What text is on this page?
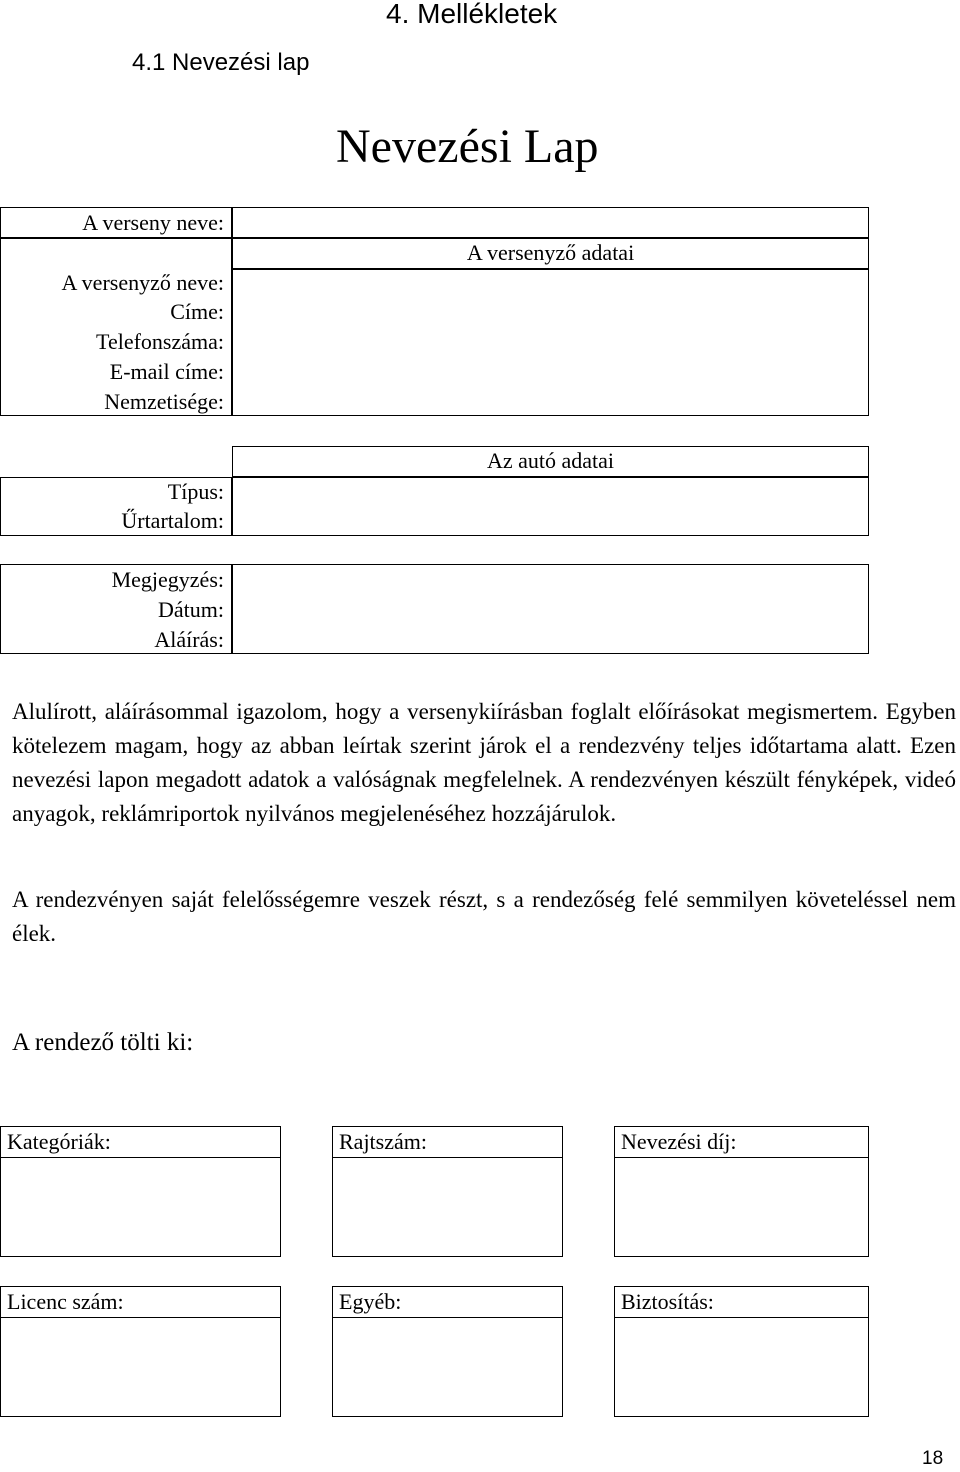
4. Mellékletek
4.1 Nevezési lap
Nevezési Lap
A verseny neve:
A versenyző adatai
A versenyző neve:
Címe:
Telefonszáma:
E-mail címe:
Nemzetisége:
Az autó adatai
Típus:
Űrtartalom:
Megjegyzés:
Dátum:
Aláírás:

Alulírott, aláírásommal igazolom, hogy a versenykiírásban foglalt előírásokat megismertem. Egyben kötelezem magam, hogy az abban leírtak szerint járok el a rendezvény teljes időtartama alatt. Ezen nevezési lapon megadott adatok a valóságnak megfelelnek. A rendezvényen készült fényképek, videó anyagok, reklámriportok nyilvános megjelenéséhez hozzájárulok.

A rendezvényen saját felelősségemre veszek részt, s a rendezőség felé semmilyen követeléssel nem élek.

A rendező tölti ki:
Kategóriák:	Rajtszám:	Nevezési díj:
Licenc szám:	Egyéb:	Biztosítás:
18
